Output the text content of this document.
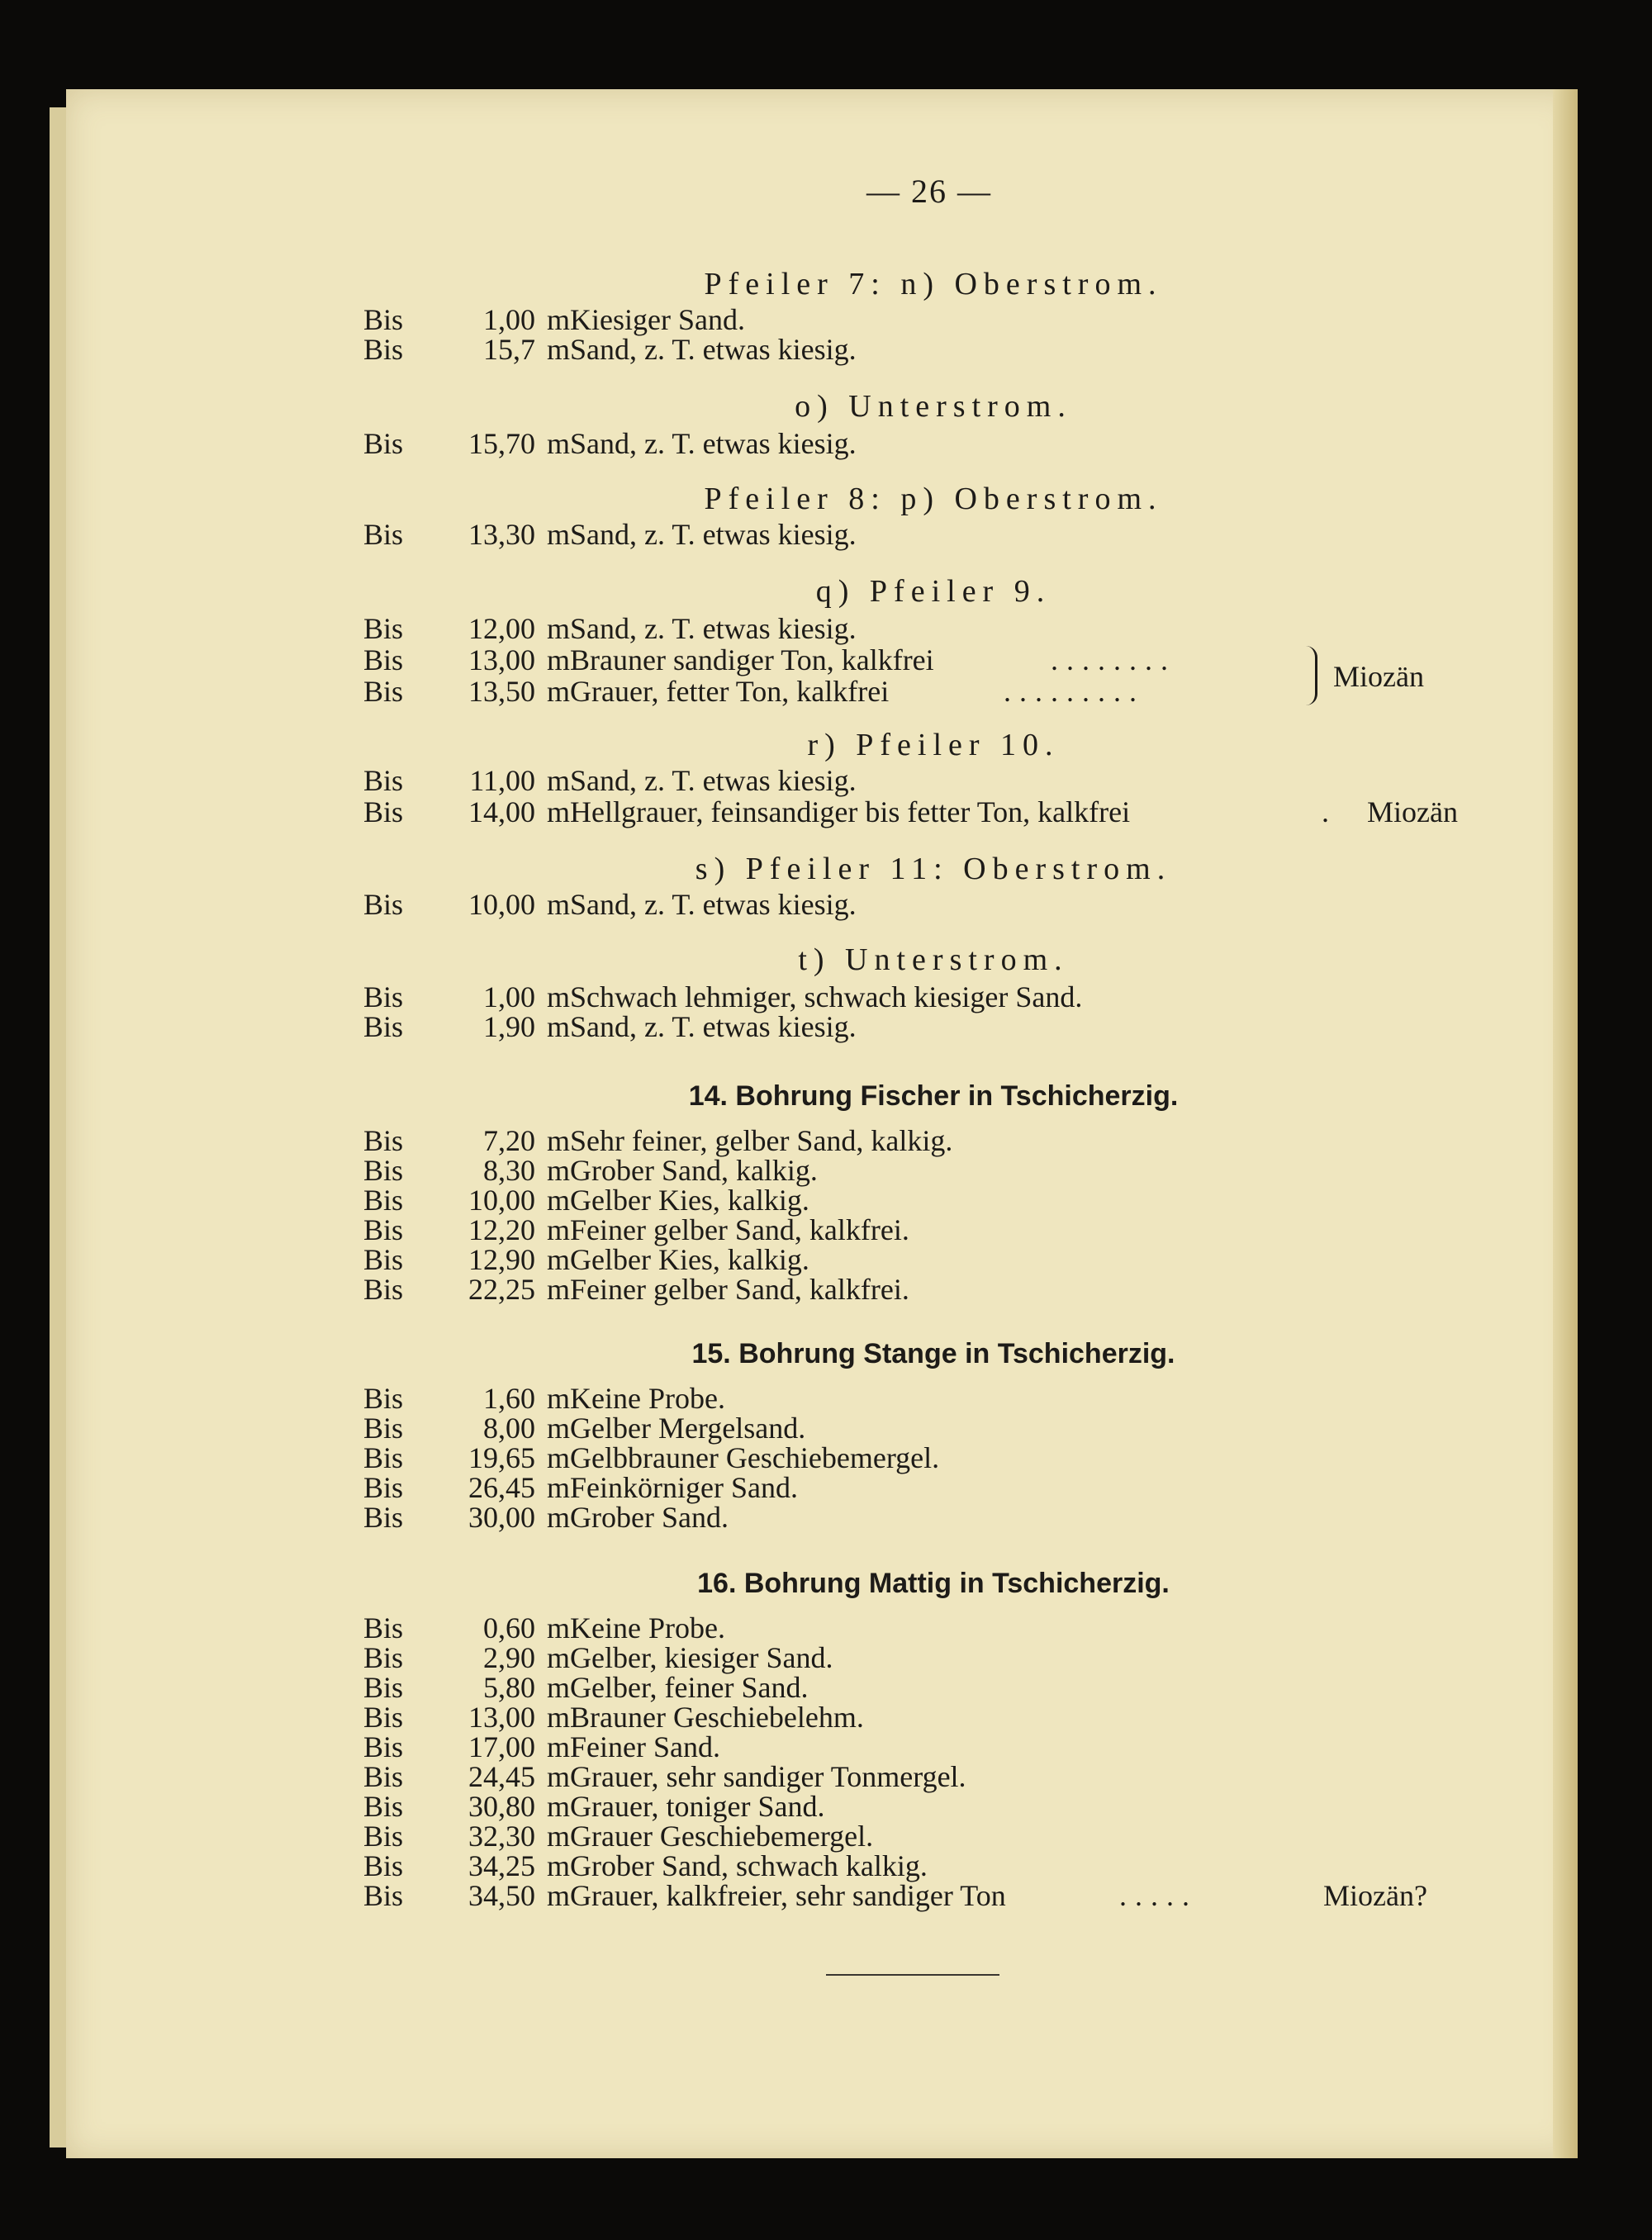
— 26 —
Pfeiler 7: n) Oberstrom.
Bis	1,00 m Kiesiger Sand.
Bis	15,7 m Sand, z. T. etwas kiesig.
o) Unterstrom.
Bis	15,70 m Sand, z. T. etwas kiesig.
Pfeiler 8: p) Oberstrom.
Bis	13,30 m Sand, z. T. etwas kiesig.
q) Pfeiler 9.
Bis	12,00 m Sand, z. T. etwas kiesig.
Bis	13,00 m Brauner sandiger Ton, kalkfrei	........
Bis	13,50 m Grauer, fetter Ton, kalkfrei	.........	Miozän
r) Pfeiler 10.
Bis	11,00 m Sand, z. T. etwas kiesig.
Bis	14,00 m Hellgrauer, feinsandiger bis fetter Ton, kalkfrei	. Miozän
s) Pfeiler 11: Oberstrom.
Bis	10,00 m Sand, z. T. etwas kiesig.
t) Unterstrom.
Bis	1,00 m Schwach lehmiger, schwach kiesiger Sand.
Bis	1,90 m Sand, z. T. etwas kiesig.
14. Bohrung Fischer in Tschicherzig.
Bis	7,20 m Sehr feiner, gelber Sand, kalkig.
Bis	8,30 m Grober Sand, kalkig.
Bis	10,00 m Gelber Kies, kalkig.
Bis	12,20 m Feiner gelber Sand, kalkfrei.
Bis	12,90 m Gelber Kies, kalkig.
Bis	22,25 m Feiner gelber Sand, kalkfrei.
15. Bohrung Stange in Tschicherzig.
Bis	1,60 m Keine Probe.
Bis	8,00 m Gelber Mergelsand.
Bis	19,65 m Gelbbrauner Geschiebemergel.
Bis	26,45 m Feinkörniger Sand.
Bis	30,00 m Grober Sand.
16. Bohrung Mattig in Tschicherzig.
Bis	0,60 m Keine Probe.
Bis	2,90 m Gelber, kiesiger Sand.
Bis	5,80 m Gelber, feiner Sand.
Bis	13,00 m Brauner Geschiebelehm.
Bis	17,00 m Feiner Sand.
Bis	24,45 m Grauer, sehr sandiger Tonmergel.
Bis	30,80 m Grauer, toniger Sand.
Bis	32,30 m Grauer Geschiebemergel.
Bis	34,25 m Grober Sand, schwach kalkig.
Bis	34,50 m Grauer, kalkfreier, sehr sandiger Ton	.....	Miozän?
